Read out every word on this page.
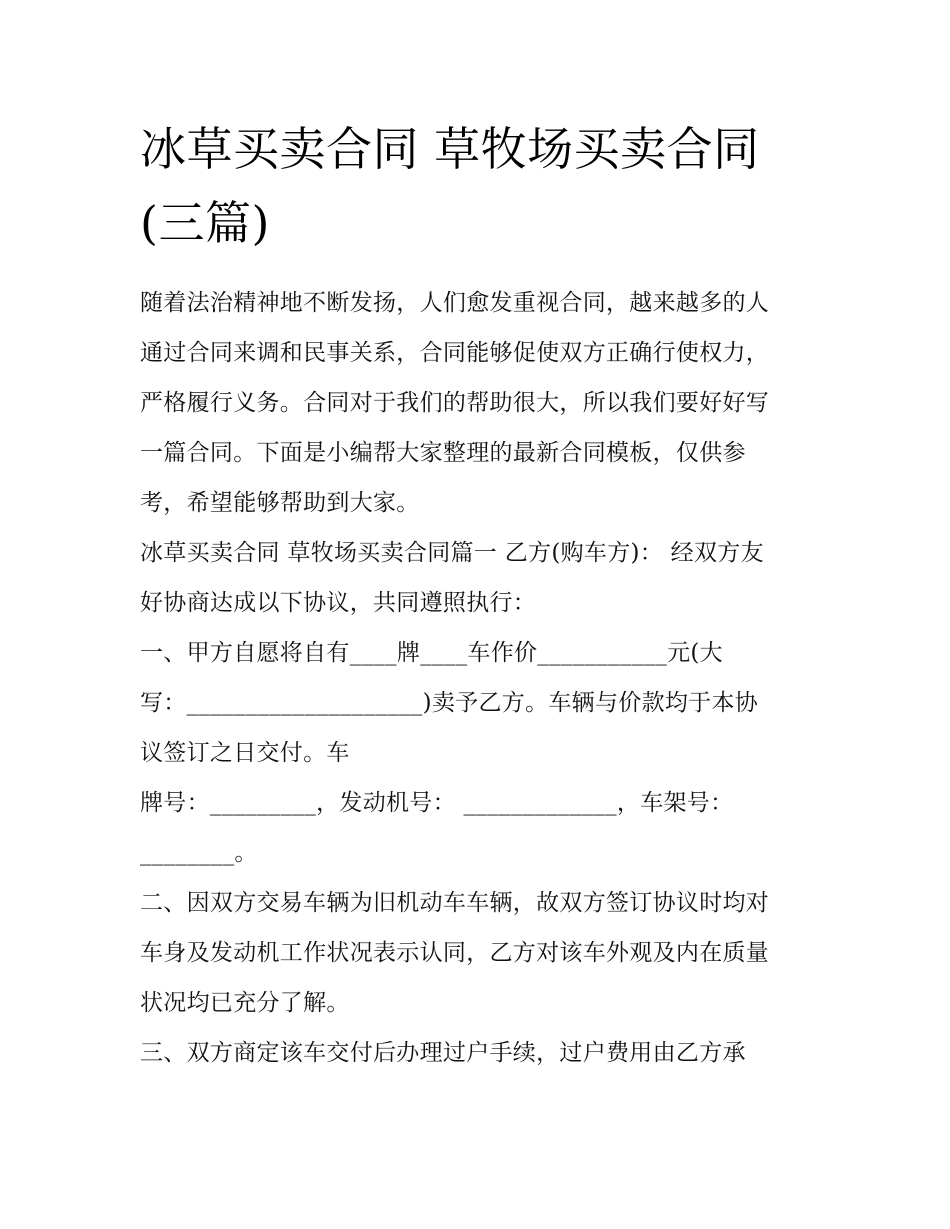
冰草买卖合同 草牧场买卖合同
(三篇)

随着法治精神地不断发扬，人们愈发重视合同，越来越多的人
通过合同来调和民事关系，合同能够促使双方正确行使权力，
严格履行义务。合同对于我们的帮助很大，所以我们要好好写
一篇合同。下面是小编帮大家整理的最新合同模板，仅供参
考，希望能够帮助到大家。

冰草买卖合同 草牧场买卖合同篇一 乙方(购车方)： 经双方友
好协商达成以下协议，共同遵照执行：

一、甲方自愿将自有____牌____车作价___________元(大
写：____________________)卖予乙方。车辆与价款均于本协
议签订之日交付。车
牌号：_________，发动机号： _____________，车架号：
________。

二、因双方交易车辆为旧机动车车辆，故双方签订协议时均对
车身及发动机工作状况表示认同，乙方对该车外观及内在质量
状况均已充分了解。

三、双方商定该车交付后办理过户手续，过户费用由乙方承
